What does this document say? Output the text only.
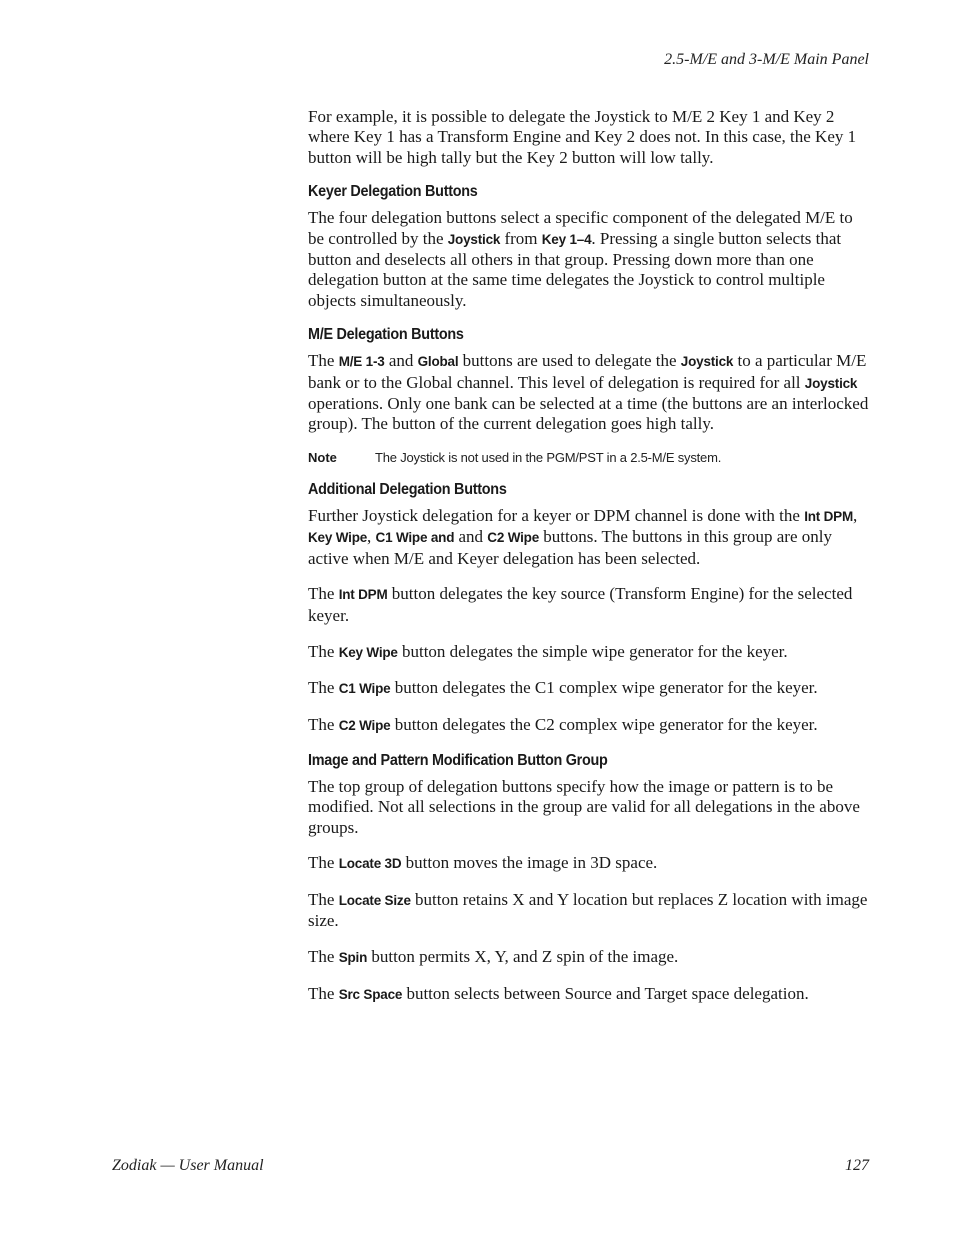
2.5-M/E and 3-M/E Main Panel

For example, it is possible to delegate the Joystick to M/E 2 Key 1 and Key 2 where Key 1 has a Transform Engine and Key 2 does not. In this case, the Key 1 button will be high tally but the Key 2 button will low tally.

Keyer Delegation Buttons

The four delegation buttons select a specific component of the delegated M/E to be controlled by the Joystick from Key 1–4. Pressing a single button selects that button and deselects all others in that group. Pressing down more than one delegation button at the same time delegates the Joystick to control multiple objects simultaneously.

M/E Delegation Buttons

The M/E 1-3 and Global buttons are used to delegate the Joystick to a particular M/E bank or to the Global channel. This level of delegation is required for all Joystick operations. Only one bank can be selected at a time (the buttons are an interlocked group). The button of the current delegation goes high tally.

Note	The Joystick is not used in the PGM/PST in a 2.5-M/E system.
Additional Delegation Buttons

Further Joystick delegation for a keyer or DPM channel is done with the Int DPM, Key Wipe, C1 Wipe and and C2 Wipe buttons. The buttons in this group are only active when M/E and Keyer delegation has been selected.

The Int DPM button delegates the key source (Transform Engine) for the selected keyer.

The Key Wipe button delegates the simple wipe generator for the keyer.

The C1 Wipe button delegates the C1 complex wipe generator for the keyer.

The C2 Wipe button delegates the C2 complex wipe generator for the keyer.

Image and Pattern Modification Button Group

The top group of delegation buttons specify how the image or pattern is to be modified. Not all selections in the group are valid for all delegations in the above groups.

The Locate 3D button moves the image in 3D space.

The Locate Size button retains X and Y location but replaces Z location with image size.

The Spin button permits X, Y, and Z spin of the image.

The Src Space button selects between Source and Target space delegation.

Zodiak — User Manual	127
